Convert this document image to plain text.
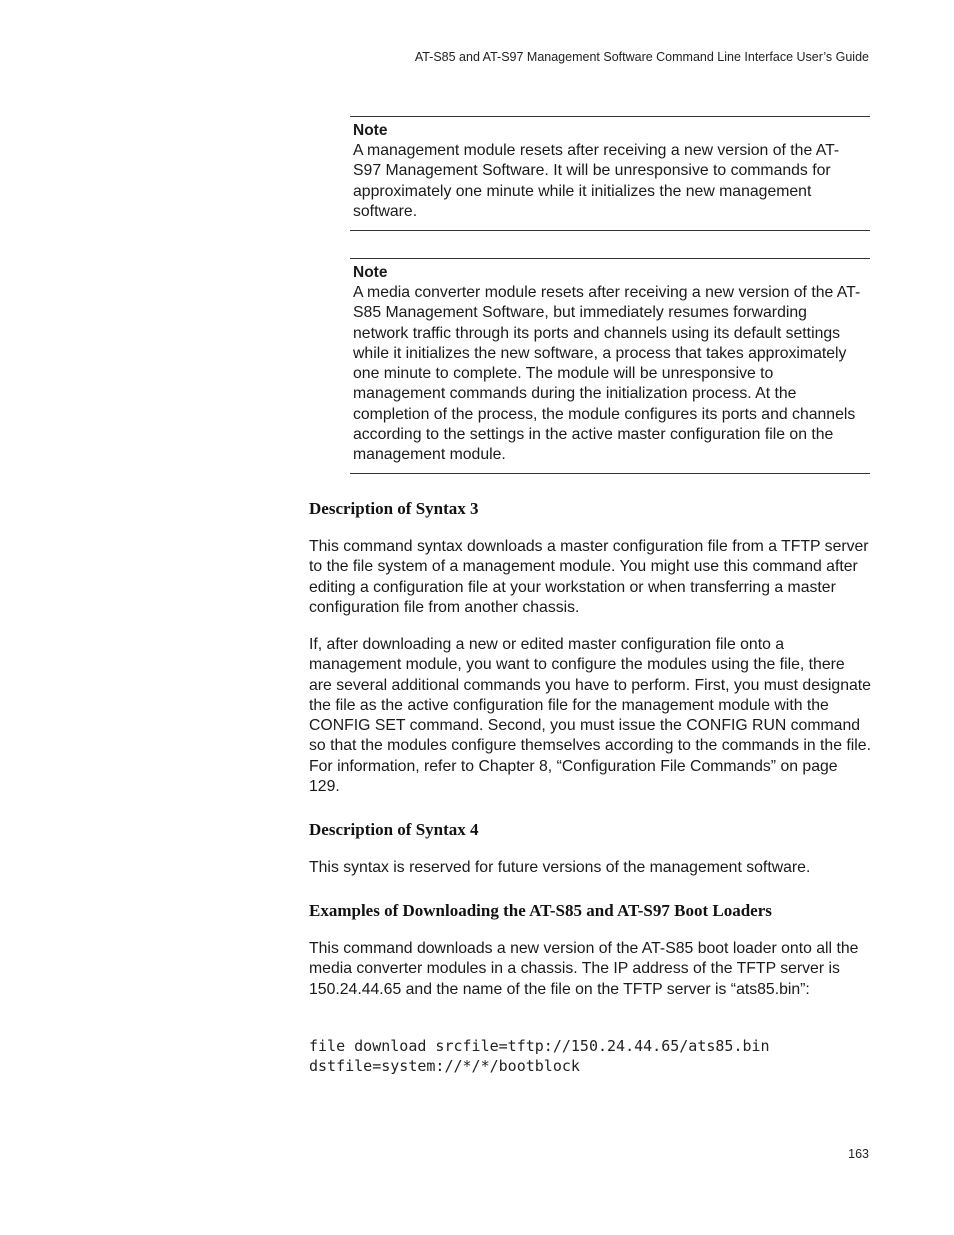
AT-S85 and AT-S97 Management Software Command Line Interface User’s Guide
Note
A management module resets after receiving a new version of the AT-S97 Management Software. It will be unresponsive to commands for approximately one minute while it initializes the new management software.
Note
A media converter module resets after receiving a new version of the AT-S85 Management Software, but immediately resumes forwarding network traffic through its ports and channels using its default settings while it initializes the new software, a process that takes approximately one minute to complete. The module will be unresponsive to management commands during the initialization process. At the completion of the process, the module configures its ports and channels according to the settings in the active master configuration file on the management module.
Description of Syntax 3
This command syntax downloads a master configuration file from a TFTP server to the file system of a management module. You might use this command after editing a configuration file at your workstation or when transferring a master configuration file from another chassis.
If, after downloading a new or edited master configuration file onto a management module, you want to configure the modules using the file, there are several additional commands you have to perform. First, you must designate the file as the active configuration file for the management module with the CONFIG SET command. Second, you must issue the CONFIG RUN command so that the modules configure themselves according to the commands in the file. For information, refer to Chapter 8, “Configuration File Commands” on page 129.
Description of Syntax 4
This syntax is reserved for future versions of the management software.
Examples of Downloading the AT-S85 and AT-S97 Boot Loaders
This command downloads a new version of the AT-S85 boot loader onto all the media converter modules in a chassis. The IP address of the TFTP server is 150.24.44.65 and the name of the file on the TFTP server is “ats85.bin”:
file download srcfile=tftp://150.24.44.65/ats85.bin
dstfile=system://*/*/bootblock
163
